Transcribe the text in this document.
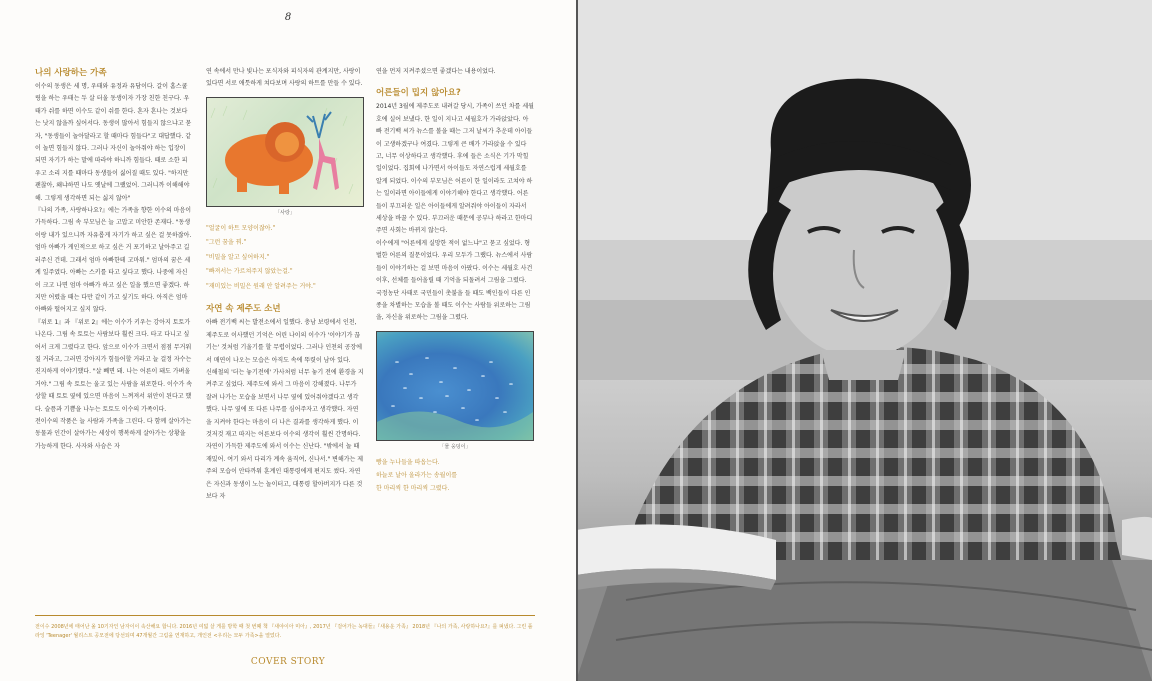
8
나의 사랑하는 가족

이수의 동생은 세 명, 우태와 유정과 유담이다. 갈이 홈스쿨링을 하는 우태는 두 살 터울 동생이자 가장 친한 친구다. 우태가 쉬를 하면 이수도 같이 쉬를 한다. 혼자 혼나는 것보다는 낫지 않을까 싶어서다. 동생이 많아서 힘들지 않으냐고 묻자, "동생들이 놀아달라고 할 때마다 힘들다"고 대답했다. 같이 놀면 힘들지 않다. 그러나 자신이 놀아줘야 하는 입장이 되면 자기가 하는 말에 따라야 하니까 힘들다. 때로 소한 피우고 소리 지를 때마다 동생들이 싫어질 때도 있다. "하지만 괜찮아, 왜냐하면 나도 옛날에 그랬었어. 그러니까 이해해야 해. 그렇게 생각하면 되는 싫지 않아"

『나의 가족, 사랑하나요?』에는 가족을 향한 이수의 마음이 가득하다. 그림 속 부모님은 늘 고맙고 미안한 존재다. "동생이랑 내가 있으니까 자유롭게 자기가 하고 싶은 걸 못하잖아. 엄마 아빠가 게인적으로 하고 싶은 거 포기하고 날아주고 길러주신 건데. 그래서 엄마 아빠한테 고마워." 엄마의 꿈은 세계 일주였다. 아빠는 스키를 타고 싶다고 했다. 나중에 자신이 크고 나면 엄마 아빠가 하고 싶은 일을 했으면 좋겠다. 하지만 어렸을 때는 다만 같이 가고 싶기도 하다. 아직은 엄마 아빠와 떨어지고 싶지 않다.

『위로 1』과 『위로 2』에는 이수가 키우는 강아지 토토가 나온다. 그림 속 토토는 사람보다 훨씬 크다. 타고 다니고 싶어서 크게 그렸다고 한다. 앞으로 이수가 크면서 점점 무거워질 거라고, 그러면 강아지가 힘들어할 거라고 늘 걸정 자수는 진지하게 이야기했다. "살 빼면 돼. 나는 어른이 돼도 가벼울 거야." 그림 속 토토는 울고 있는 사람을 위로한다. 이수가 속상할 때 토토 옆에 있으면 마음이 느껴져서 위안이 된다고 했다. 슬픔과 기쁨을 나누는 토토도 이수의 가족이다.

전이수의 작품은 늘 사람과 가족을 그린다. 다 함께 살아가는 동물과 인간이 살아가는 세상이 행복하게 살아가는 상황을 가능하게 한다. 사자와 사슴은 자

연 속에서 만나 빛나는 포식자와 피식자의 관계지만, 사랑이 있다면 서로 애틋하게 쳐다보며 사랑의 하트를 만들 수 있다.

「사랑」
"얼굴이 하트 모양이잖아."
"그런 꿈을 꿔."
"비밀을 알고 싶어하지."
"빠져서는 가르쳐주지 않았는걸."
"재미있는 비밀은 원래 안 알려주는 거야."
자연 속 제주도 소년

아빠 전기백 씨는 발전소에서 일했다. 충남 보령에서 인천, 제주도로 이사했던 기억은 어린 나이의 이수가 '이야기가 끊기는' 것처럼 기울기를 할 무렵이었다. 그러나 인천의 공장에서 매연이 나오는 모습은 아직도 속에 뚜렷이 남아 있다.

신해철의 '더는 놓기전에' 가사처럼 너무 놓기 전에 환경을 지켜주고 싶었다. 제주도에 와서 그 마음이 강해졌다. 나무가 잘려 나가는 모습을 보면서 나무 옆에 있어줘야겠다고 생각했다. 나무 옆에 또 다른 나무를 심어주자고 생각했다. 자연을 지켜야 한다는 마음이 더 나은 결과를 생각하게 했다. 이것저것 재고 따지는 어른보다 이수의 생각이 훨씬 간명하다.

자연이 가득한 제주도에 와서 이수는 신난다. "밖에서 놀 때 재밌어. 여기 와서 다리가 계속 움직여, 신나서." 변해가는 제주의 모습이 안타까워 훈계인 대통령에게 편지도 썼다. 자연은 자신과 동생이 노는 놀이터고, 대통령 할아버지가 다른 것보다 자

연을 먼저 지켜주셨으면 좋겠다는 내용이었다.

어른들이 밉지 않아요?

2014년 3월에 제주도로 내려갈 당시, 가족이 쓰던 차를 세월호에 실어 보냈다. 한 일이 지나고 세월호가 가라앉았다. 아빠 전기백 씨가 뉴스를 볼을 때는 그저 날씨가 추운데 아이들이 고생하겠구나 여겼다. 그렇게 큰 배가 가라앉을 수 있다고, 너무 이상하다고 생각했다. 후에 들은 소식은 기가 막힐 일이었다. 집회에 나가면서 아이들도 자연스럽게 세월호를 알게 되었다. 이수의 부모님은 어른이 한 일이라도 고쳐야 하는 일이라면 아이들에게 이야기해야 한다고 생각했다. 어른들이 부끄러운 일은 아이들에게 알려줘야 아이들이 자라서 세상을 바꿀 수 있다. 부끄러운 때문에 공부나 하라고 한마디 주면 사회는 바뀌지 않는다.

이수에게 "어른에게 실망한 적이 없느냐"고 묻고 싶었다. 형벌한 어른의 질문이었다. 우리 모두가 그랬다. 뉴스에서 사람들이 이야기하는 걸 보면 마음이 아팠다. 이수는 세월호 사건 이후, 선체를 들어올릴 때 기억을 되돌려서 그림을 그렸다. 국정농단 사태로 국민들이 촛불을 들 때도 백인들이 다른 인종을 차별하는 모습을 볼 때도 이수는 사람들 위로하는 그림을, 자신을 위로하는 그림을 그렸다.

「물 웅덩이」
빵을 누나들을 따옵는다.
하늘로 날아 올라가는 송월이를
한 마리씩 한 마리씩 그렸다.
전이수 2008년에 태어난 올 10기자인 남자이이 속산해요 합니다. 2016년 여덟 살 게를 방학 때 첫 번째 책 『새야이아 미아』, 2017년 『걸어가는 녹대들』『새용운 가족』 2018년 『나의 가족, 사랑하나요?』를 펴냈다. 그린 플라잉 'Teenager' 월리스트 공모전에 당선되며 47개월간 그림을 연재하고, 개인전 <우리는 모두 가족>을 열었다.
COVER STORY
